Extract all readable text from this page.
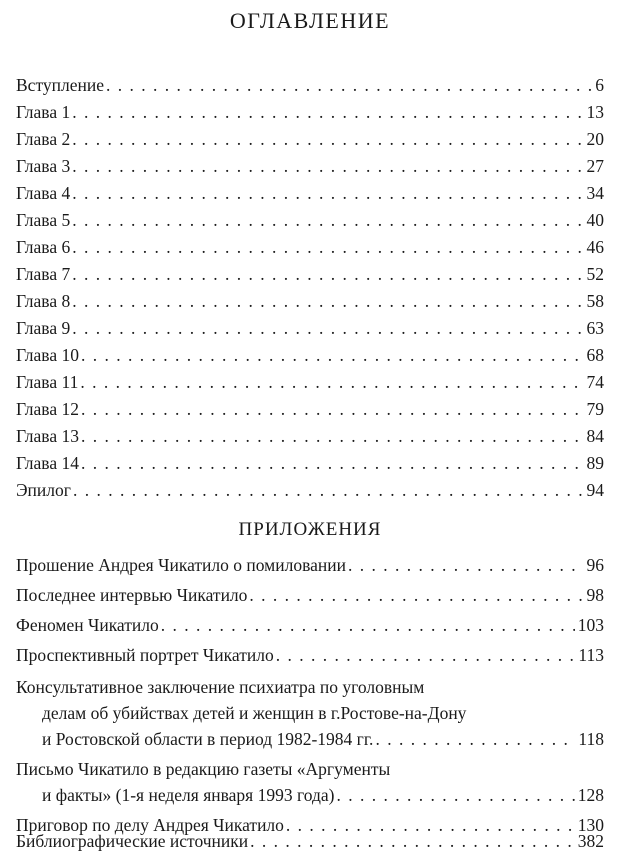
ОГЛАВЛЕНИЕ
Вступление . . .	6
Глава 1 . . .	13
Глава 2 . . .	20
Глава 3 . . .	27
Глава 4 . . .	34
Глава 5 . . .	40
Глава 6 . . .	46
Глава 7 . . .	52
Глава 8 . . .	58
Глава 9 . . .	63
Глава 10 . . .	68
Глава 11 . . .	74
Глава 12 . . .	79
Глава 13 . . .	84
Глава 14 . . .	89
Эпилог . . .	94
ПРИЛОЖЕНИЯ
Прошение Андрея Чикатило о помиловании . . .	96
Последнее интервью Чикатило . . .	98
Феномен Чикатило . . .	103
Проспективный портрет Чикатило . . .	113
Консультативное заключение психиатра по уголовным
делам об убийствах детей и женщин в г.Ростове-на-Дону
и Ростовской области в период 1982-1984 гг. . . .	118
Письмо Чикатило в редакцию газеты «Аргументы
и факты» (1-я неделя января 1993 года) . . .	128
Приговор по делу Андрея Чикатило . . .	130
Библиографические источники . . .	382
